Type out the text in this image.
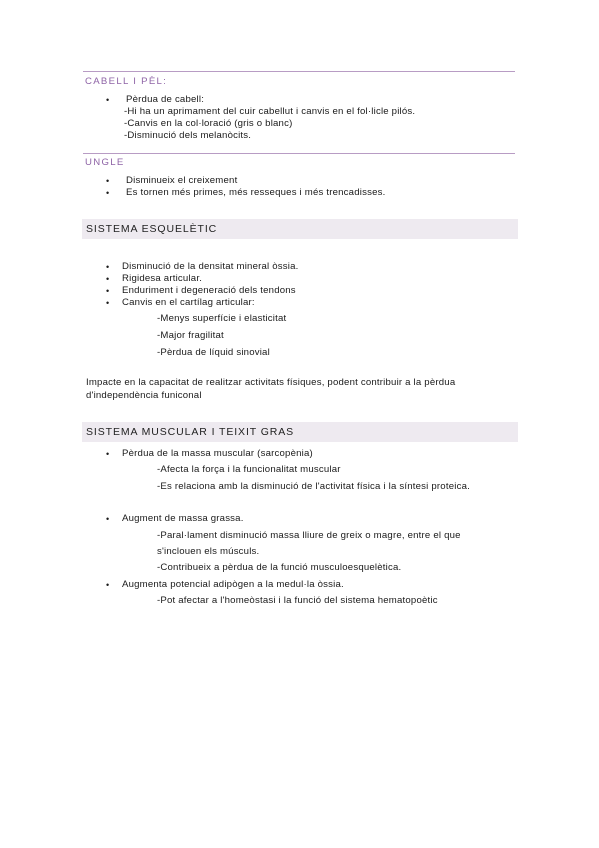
CABELL I PÈL:
• Pèrdua de cabell:
-Hi ha un aprimament del cuir cabellut i canvis en el fol·licle pilós.
-Canvis en la col·loració (gris o blanc)
-Disminució dels melanòcits.
UNGLE
• Disminueix el creixement
• Es tornen més primes, més resseques i més trencadisses.
SISTEMA ESQUELÈTIC
• Disminució de la densitat mineral òssia.
• Rigidesa articular.
• Enduriment i degeneració dels tendons
• Canvis en el cartílag articular:
-Menys superfície i elasticitat
-Major fragilitat
-Pèrdua de líquid sinovial
Impacte en la capacitat de realitzar activitats físiques, podent contribuir a la pèrdua
d'independència funiconal
SISTEMA MUSCULAR I TEIXIT GRAS
• Pèrdua de la massa muscular (sarcopènia)
-Afecta la força i la funcionalitat muscular
-Es relaciona amb la disminució de l'activitat física i la síntesi proteica.
• Augment de massa grassa.
-Paral·lament disminució massa lliure de greix o magre, entre el que
s'inclouen els músculs.
-Contribueix a pèrdua de la funció musculoesquelètica.
• Augmenta potencial adipògen a la medul·la òssia.
-Pot afectar a l'homeòstasi i la funció del sistema hematopoètic
